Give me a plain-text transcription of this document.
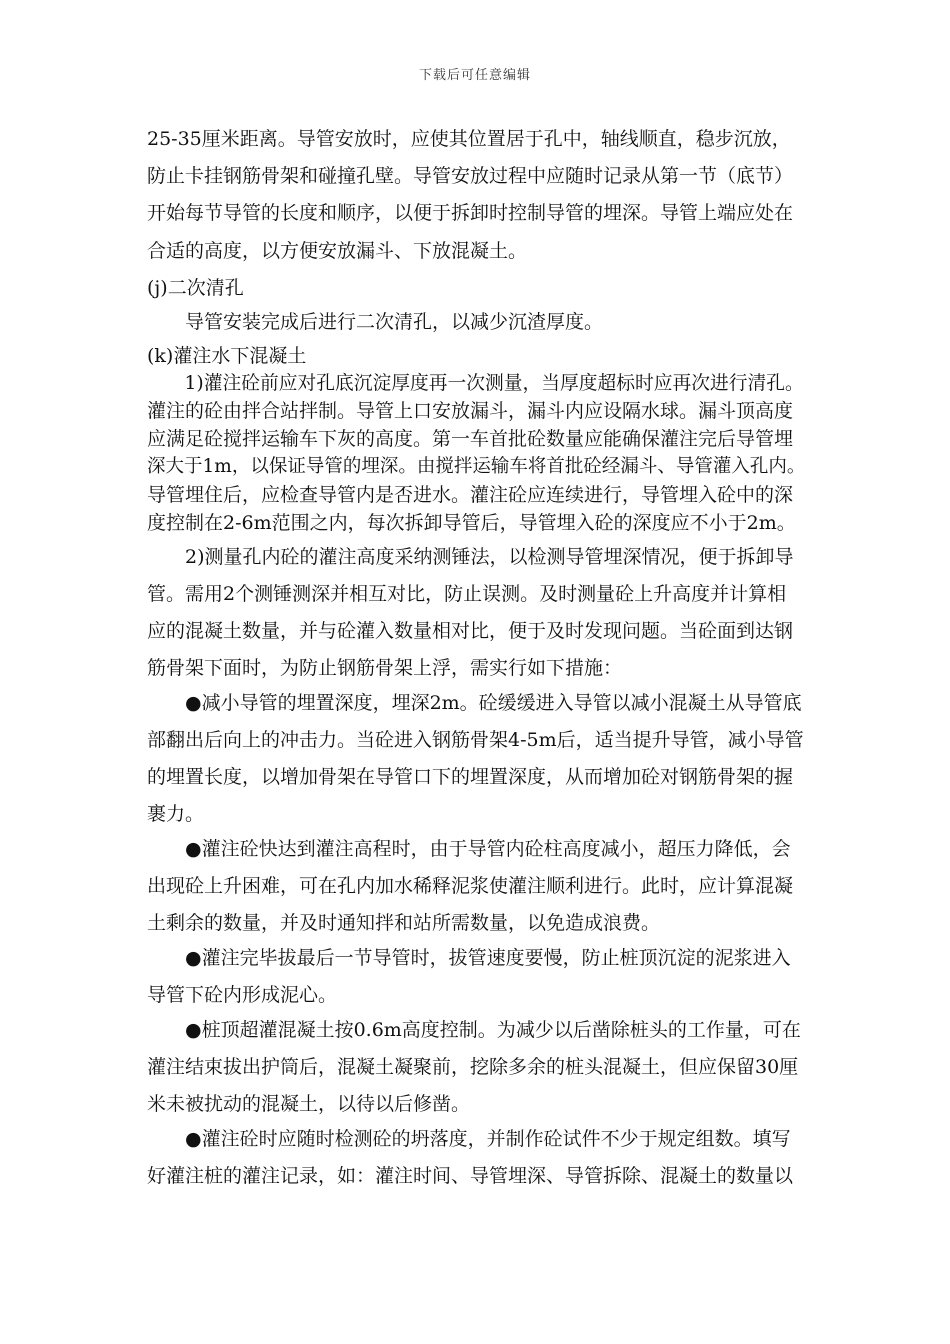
下载后可任意编辑
25-35厘米距离。导管安放时，应使其位置居于孔中，轴线顺直，稳步沉放，
防止卡挂钢筋骨架和碰撞孔壁。导管安放过程中应随时记录从第一节（底节）
开始每节导管的长度和顺序，以便于拆卸时控制导管的埋深。导管上端应处在
合适的高度，以方便安放漏斗、下放混凝土。
(j)二次清孔
　　导管安装完成后进行二次清孔，以减少沉渣厚度。
(k)灌注水下混凝土
　　1)灌注砼前应对孔底沉淀厚度再一次测量，当厚度超标时应再次进行清孔。
灌注的砼由拌合站拌制。导管上口安放漏斗，漏斗内应设隔水球。漏斗顶高度
应满足砼搅拌运输车下灰的高度。第一车首批砼数量应能确保灌注完后导管埋
深大于1m，以保证导管的埋深。由搅拌运输车将首批砼经漏斗、导管灌入孔内。
导管埋住后，应检查导管内是否进水。灌注砼应连续进行，导管埋入砼中的深
度控制在2-6m范围之内，每次拆卸导管后，导管埋入砼的深度应不小于2m。
　　2)测量孔内砼的灌注高度采纳测锤法，以检测导管埋深情况，便于拆卸导
管。需用2个测锤测深并相互对比，防止误测。及时测量砼上升高度并计算相
应的混凝土数量，并与砼灌入数量相对比，便于及时发现问题。当砼面到达钢
筋骨架下面时，为防止钢筋骨架上浮，需实行如下措施：
　　●减小导管的埋置深度，埋深2m。砼缓缓进入导管以减小混凝土从导管底
部翻出后向上的冲击力。当砼进入钢筋骨架4-5m后，适当提升导管，减小导管
的埋置长度，以增加骨架在导管口下的埋置深度，从而增加砼对钢筋骨架的握
裹力。
　　●灌注砼快达到灌注高程时，由于导管内砼柱高度减小，超压力降低，会
出现砼上升困难，可在孔内加水稀释泥浆使灌注顺利进行。此时，应计算混凝
土剩余的数量，并及时通知拌和站所需数量，以免造成浪费。
　　●灌注完毕拔最后一节导管时，拔管速度要慢，防止桩顶沉淀的泥浆进入
导管下砼内形成泥心。
　　●桩顶超灌混凝土按0.6m高度控制。为减少以后凿除桩头的工作量，可在
灌注结束拔出护筒后，混凝土凝聚前，挖除多余的桩头混凝土，但应保留30厘
米未被扰动的混凝土，以待以后修凿。
　　●灌注砼时应随时检测砼的坍落度，并制作砼试件不少于规定组数。填写
好灌注桩的灌注记录，如：灌注时间、导管埋深、导管拆除、混凝土的数量以
